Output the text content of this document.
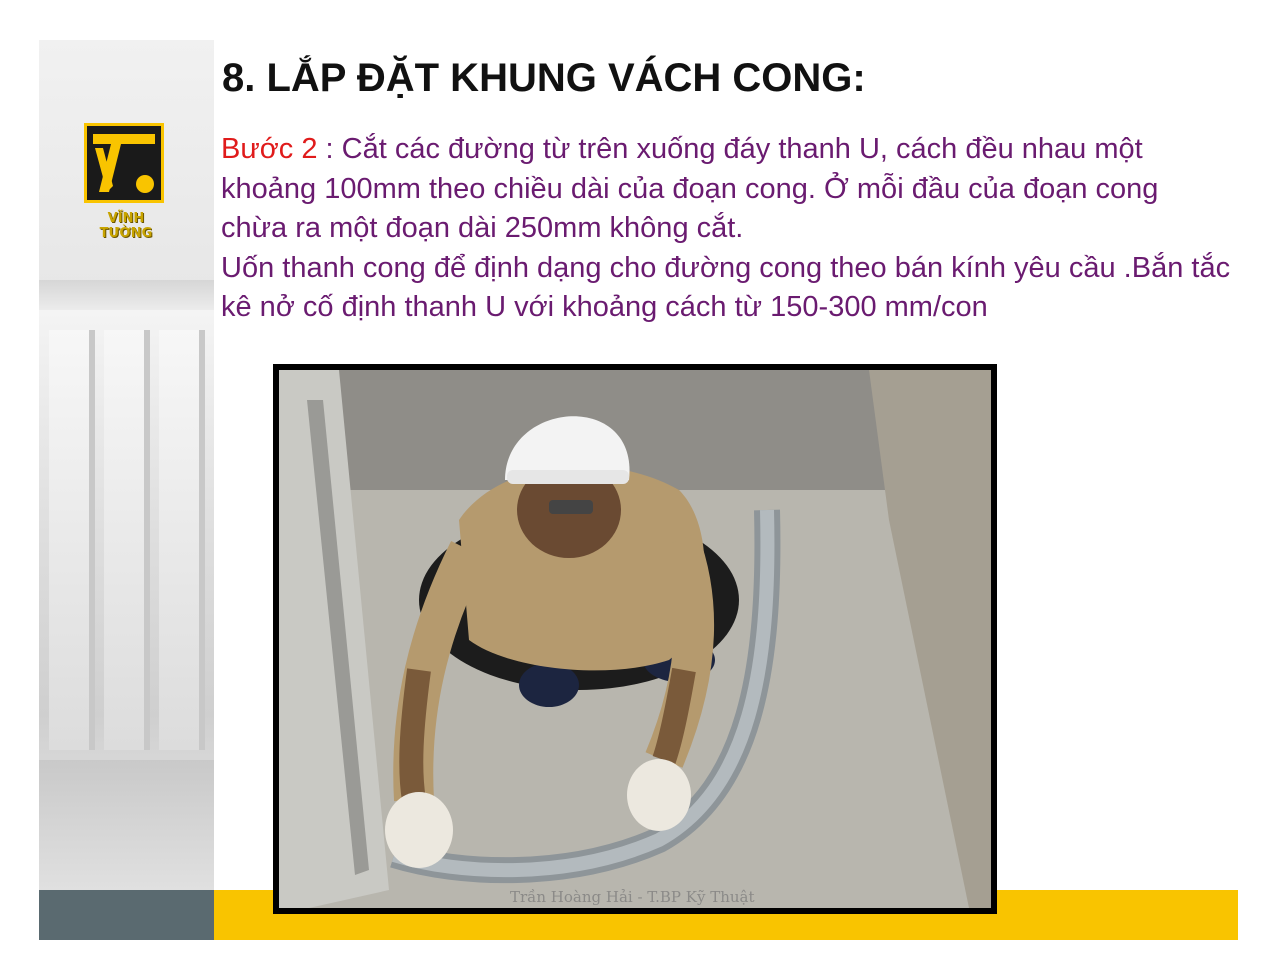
VĨNH TƯỜNG
8. LẮP ĐẶT KHUNG VÁCH CONG:
Bước 2 : Cắt các đường từ trên xuống đáy thanh U, cách đều nhau một khoảng 100mm theo chiều dài của đoạn cong. Ở mỗi đầu của đoạn cong chừa ra một đoạn dài 250mm không cắt.
Uốn thanh cong để định dạng cho đường cong theo bán kính yêu cầu .Bắn tắc kê nở cố định thanh U với khoảng cách từ 150-300 mm/con
Trần Hoàng Hải - T.BP Kỹ Thuật
